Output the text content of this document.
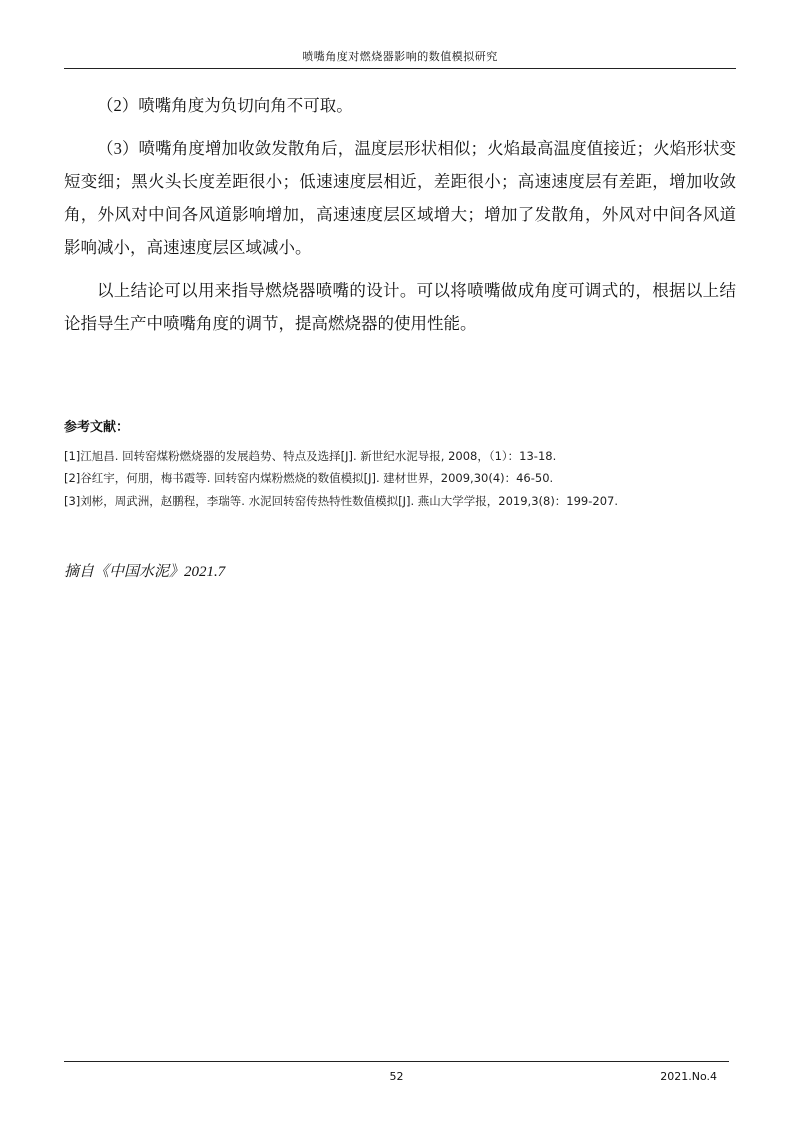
喷嘴角度对燃烧器影响的数值模拟研究

（2）喷嘴角度为负切向角不可取。

（3）喷嘴角度增加收敛发散角后，温度层形状相似；火焰最高温度值接近；火焰形状变短变细；黑火头长度差距很小；低速速度层相近，差距很小；高速速度层有差距，增加收敛角，外风对中间各风道影响增加，高速速度层区域增大；增加了发散角，外风对中间各风道影响减小，高速速度层区域减小。

以上结论可以用来指导燃烧器喷嘴的设计。可以将喷嘴做成角度可调式的，根据以上结论指导生产中喷嘴角度的调节，提高燃烧器的使用性能。

参考文献：
[1]江旭昌. 回转窑煤粉燃烧器的发展趋势、特点及选择[J]. 新世纪水泥导报, 2008，（1）：13-18.
[2]谷红宇，何朋，梅书霞等. 回转窑内煤粉燃烧的数值模拟[J]. 建材世界，2009,30(4)：46-50.
[3]刘彬，周武洲，赵鹏程，李瑞等. 水泥回转窑传热特性数值模拟[J]. 燕山大学学报，2019,3(8)：199-207.
摘自《中国水泥》2021.7
52	2021.No.4
